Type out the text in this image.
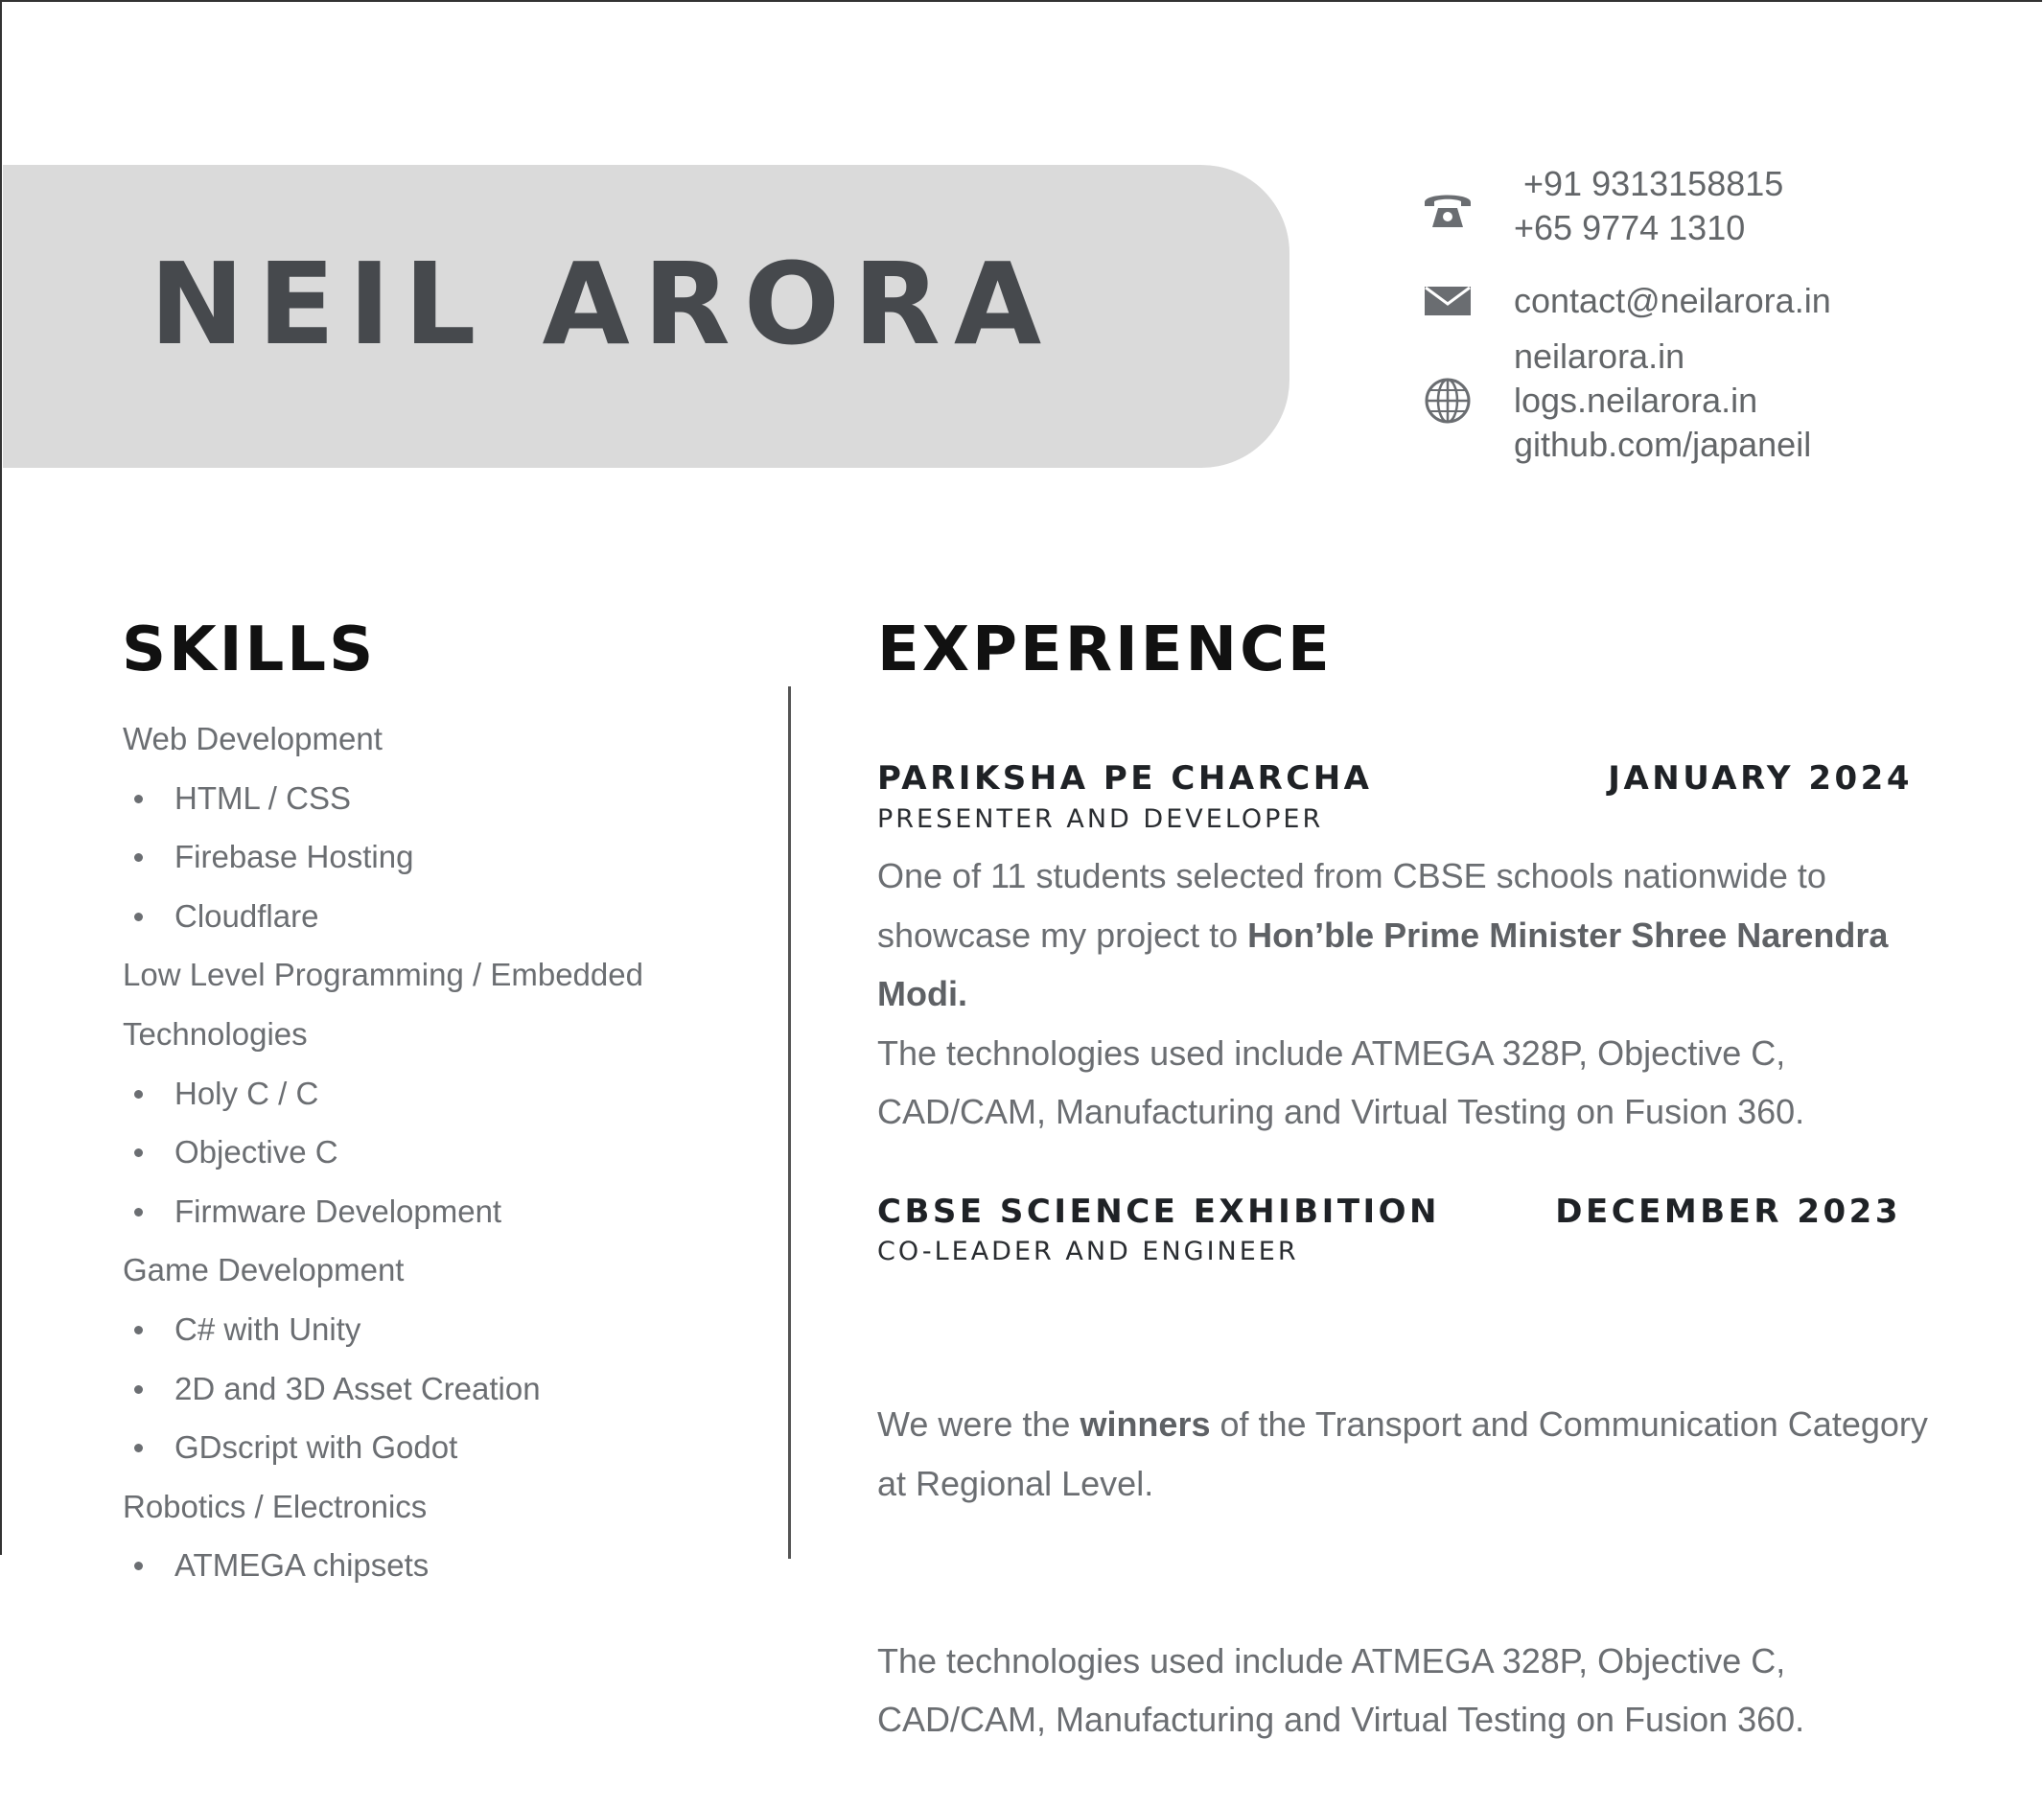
NEIL ARORA
+91 9313158815
+65 9774 1310
contact@neilarora.in
neilarora.in
logs.neilarora.in
github.com/japaneil
SKILLS	EXPERIENCE
Web Development
HTML / CSS
Firebase Hosting
Cloudflare
Low Level Programming / Embedded
Technologies
Holy C / C
Objective C
Firmware Development
Game Development
C# with Unity
2D and 3D Asset Creation
GDscript with Godot
Robotics / Electronics
ATMEGA chipsets
PARIKSHA PE CHARCHA	JANUARY 2024
PRESENTER AND DEVELOPER

One of 11 students selected from CBSE schools nationwide to showcase my project to Hon’ble Prime Minister Shree Narendra Modi.

The technologies used include ATMEGA 328P, Objective C, CAD/CAM, Manufacturing and Virtual Testing on Fusion 360.

CBSE SCIENCE EXHIBITION	DECEMBER 2023
CO-LEADER AND ENGINEER

We were the winners of the Transport and Communication Category  at Regional Level.

The technologies used include ATMEGA 328P, Objective C, CAD/CAM, Manufacturing and Virtual Testing on Fusion 360.
